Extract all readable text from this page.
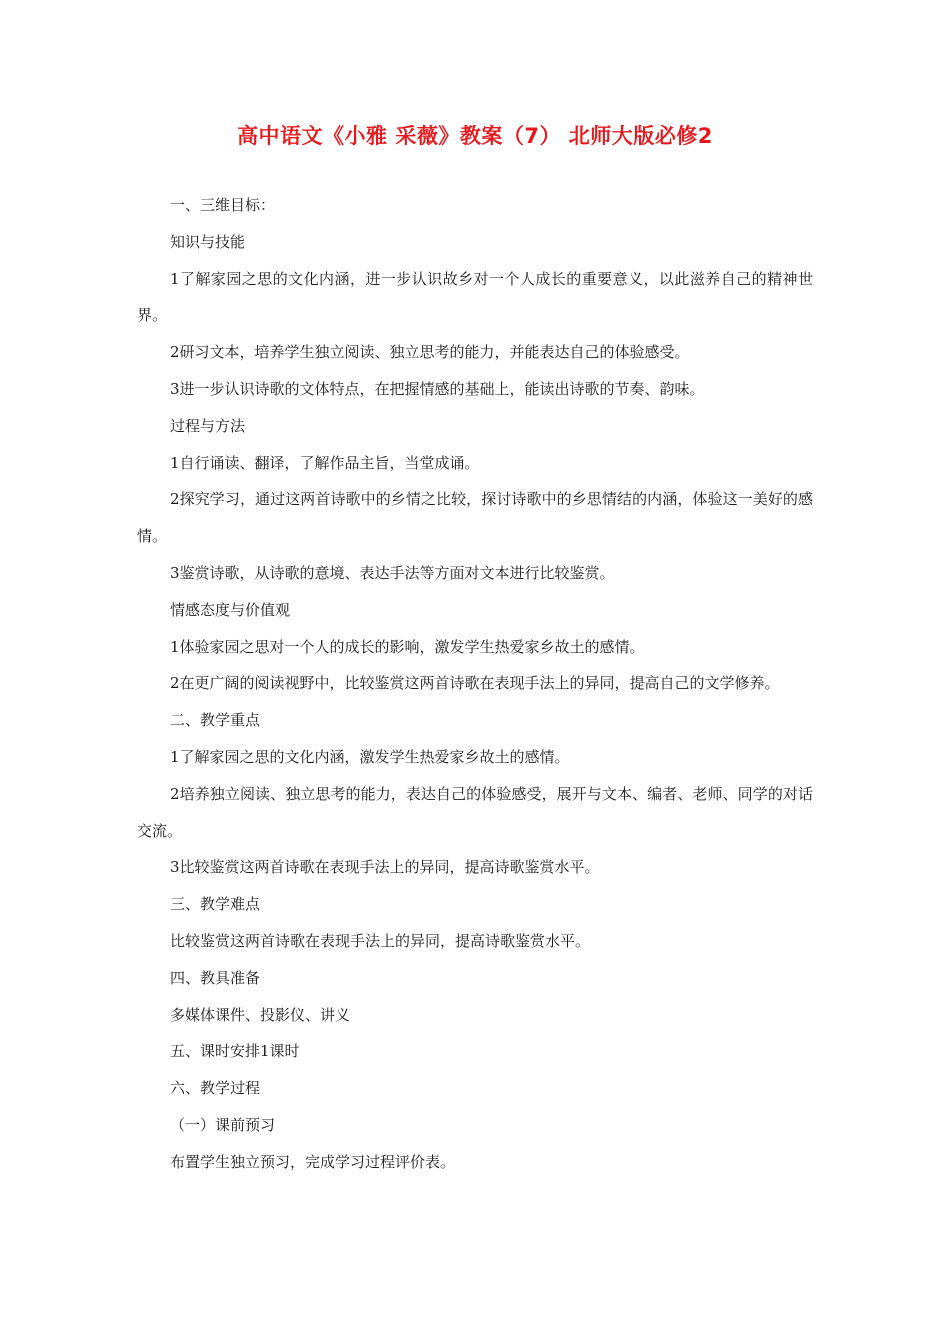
高中语文《小雅 采薇》教案（7） 北师大版必修2

一、三维目标：

知识与技能

1了解家园之思的文化内涵，进一步认识故乡对一个人成长的重要意义，以此滋养自己的精神世界。

2研习文本，培养学生独立阅读、独立思考的能力，并能表达自己的体验感受。

3进一步认识诗歌的文体特点，在把握情感的基础上，能读出诗歌的节奏、韵味。

过程与方法

1自行诵读、翻译，了解作品主旨，当堂成诵。

2探究学习，通过这两首诗歌中的乡情之比较，探讨诗歌中的乡思情结的内涵，体验这一美好的感情。

3鉴赏诗歌，从诗歌的意境、表达手法等方面对文本进行比较鉴赏。

情感态度与价值观

1体验家园之思对一个人的成长的影响，激发学生热爱家乡故土的感情。

2在更广阔的阅读视野中，比较鉴赏这两首诗歌在表现手法上的异同，提高自己的文学修养。

二、教学重点

1了解家园之思的文化内涵，激发学生热爱家乡故土的感情。

2培养独立阅读、独立思考的能力，表达自己的体验感受，展开与文本、编者、老师、同学的对话交流。

3比较鉴赏这两首诗歌在表现手法上的异同，提高诗歌鉴赏水平。

三、教学难点

比较鉴赏这两首诗歌在表现手法上的异同，提高诗歌鉴赏水平。

四、教具准备

多媒体课件、投影仪、讲义

五、课时安排1课时

六、教学过程

（一）课前预习

布置学生独立预习，完成学习过程评价表。
